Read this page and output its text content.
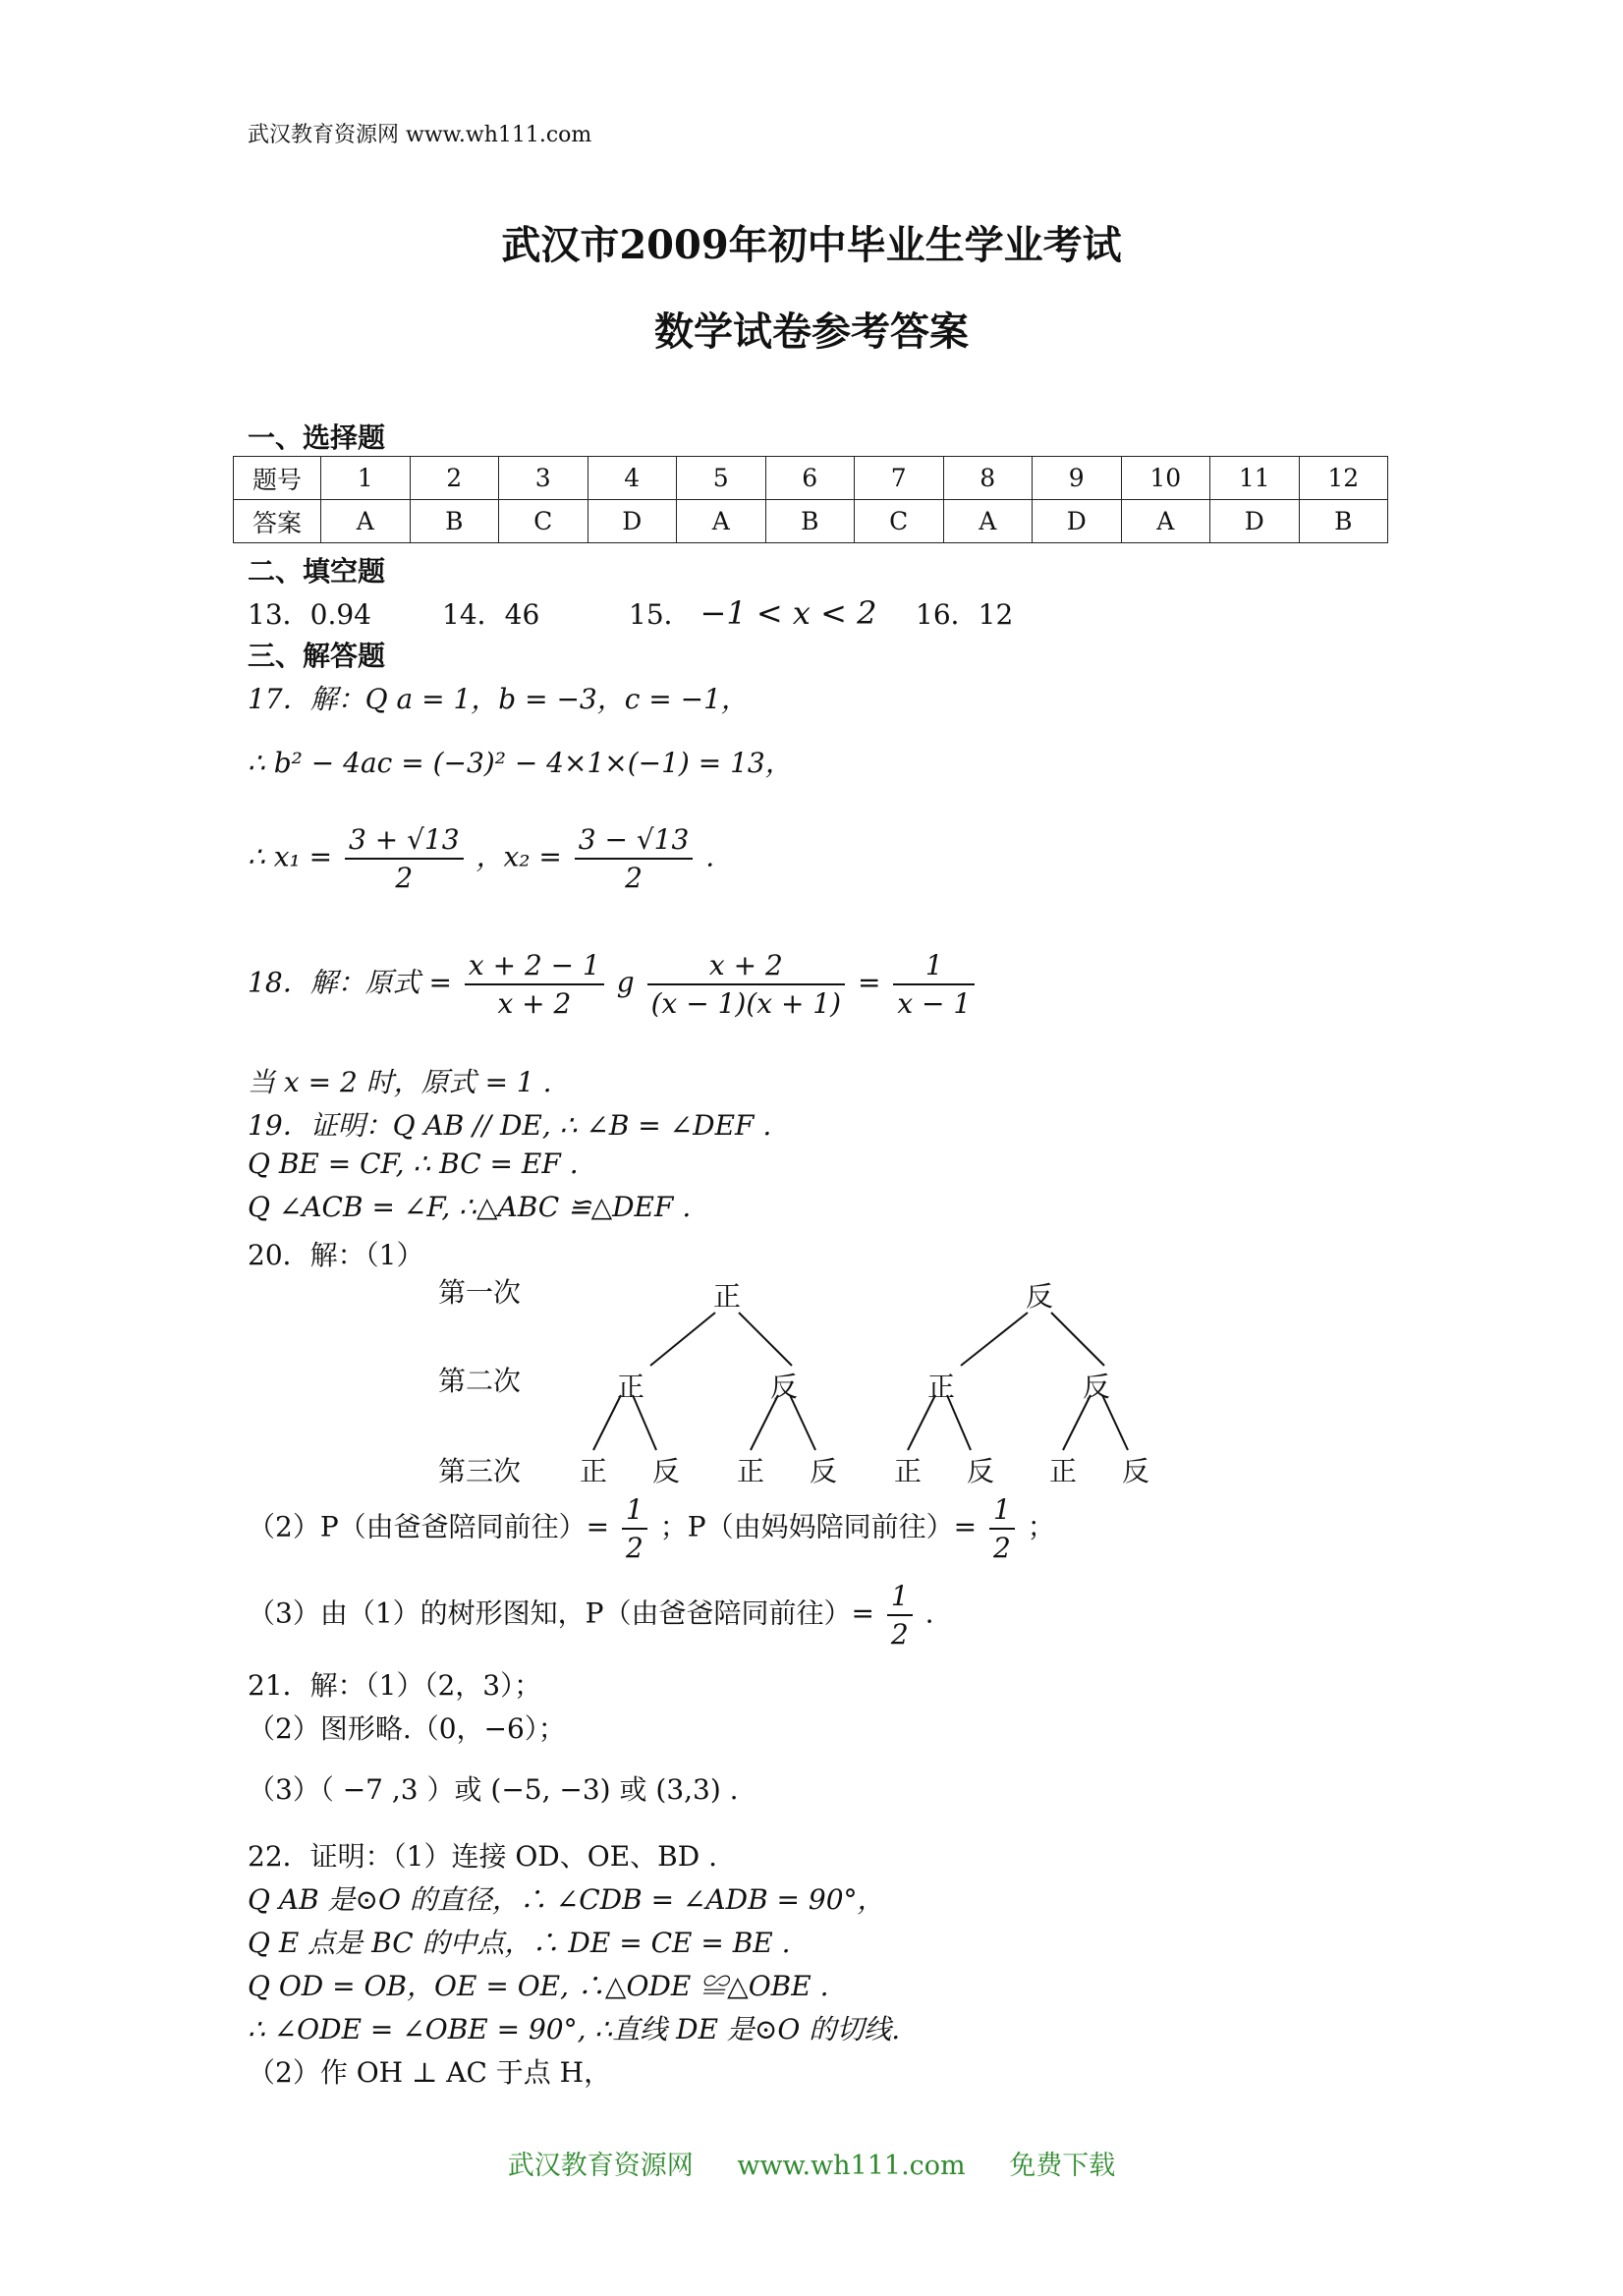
武汉教育资源网 www.wh111.com
武汉市2009年初中毕业生学业考试
数学试卷参考答案
一、选择题
题号	1	2	3	4	5	6	7	8	9	10	11	12
答案	A	B	C	D	A	B	C	A	D	A	D	B
二、填空题
13．0.94	14．46	15． −1 < x < 2 16．12
三、解答题
17．解：Q a = 1，b = −3，c = −1，
∴ b² − 4ac = (−3)² − 4×1×(−1) = 13，
∴ $x_1 = \frac{3 + √13}{2}$ ，$x_2 = \frac{3 - √13}{2}$ .
18．解：原式 = $\frac{x + 2 - 1}{x + 2}$ g $\frac{x + 2}{(x - 1)(x + 1)} = \frac{1}{x - 1}$
当 x = 2 时，原式 = 1 .
19．证明：Q AB // DE, ∴ ∠B = ∠DEF .
Q BE = CF, ∴ BC = EF .
Q ∠ACB = ∠F, ∴△ABC ≌△DEF .
20．解：（1）
第一次
第二次
第三次
正	反
正	反	正	反
正 反 正 反 正 反 正 反
（2）P（由爸爸陪同前往）= $\frac{1}{2}$ ；P（由妈妈陪同前往）= $\frac{1}{2}$ ；
（3）由（1）的树形图知，P（由爸爸陪同前往）= $\frac{1}{2}$ .
21．解：（1）（2，3）；
（2）图形略.（0，−6）；
（3）（ −7 ,3 ）或 (−5, −3) 或 (3,3) .
22．证明：（1）连接 OD、OE、BD .
Q AB 是⊙O 的直径，∴ ∠CDB = ∠ADB = 90°，
Q E 点是 BC 的中点，∴ DE = CE = BE .
Q OD = OB，OE = OE, ∴△ODE ≌△OBE .
∴ ∠ODE = ∠OBE = 90°, ∴直线 DE 是⊙O 的切线.
（2）作 OH ⊥ AC 于点 H，
武汉教育资源网 www.wh111.com 免费下载
